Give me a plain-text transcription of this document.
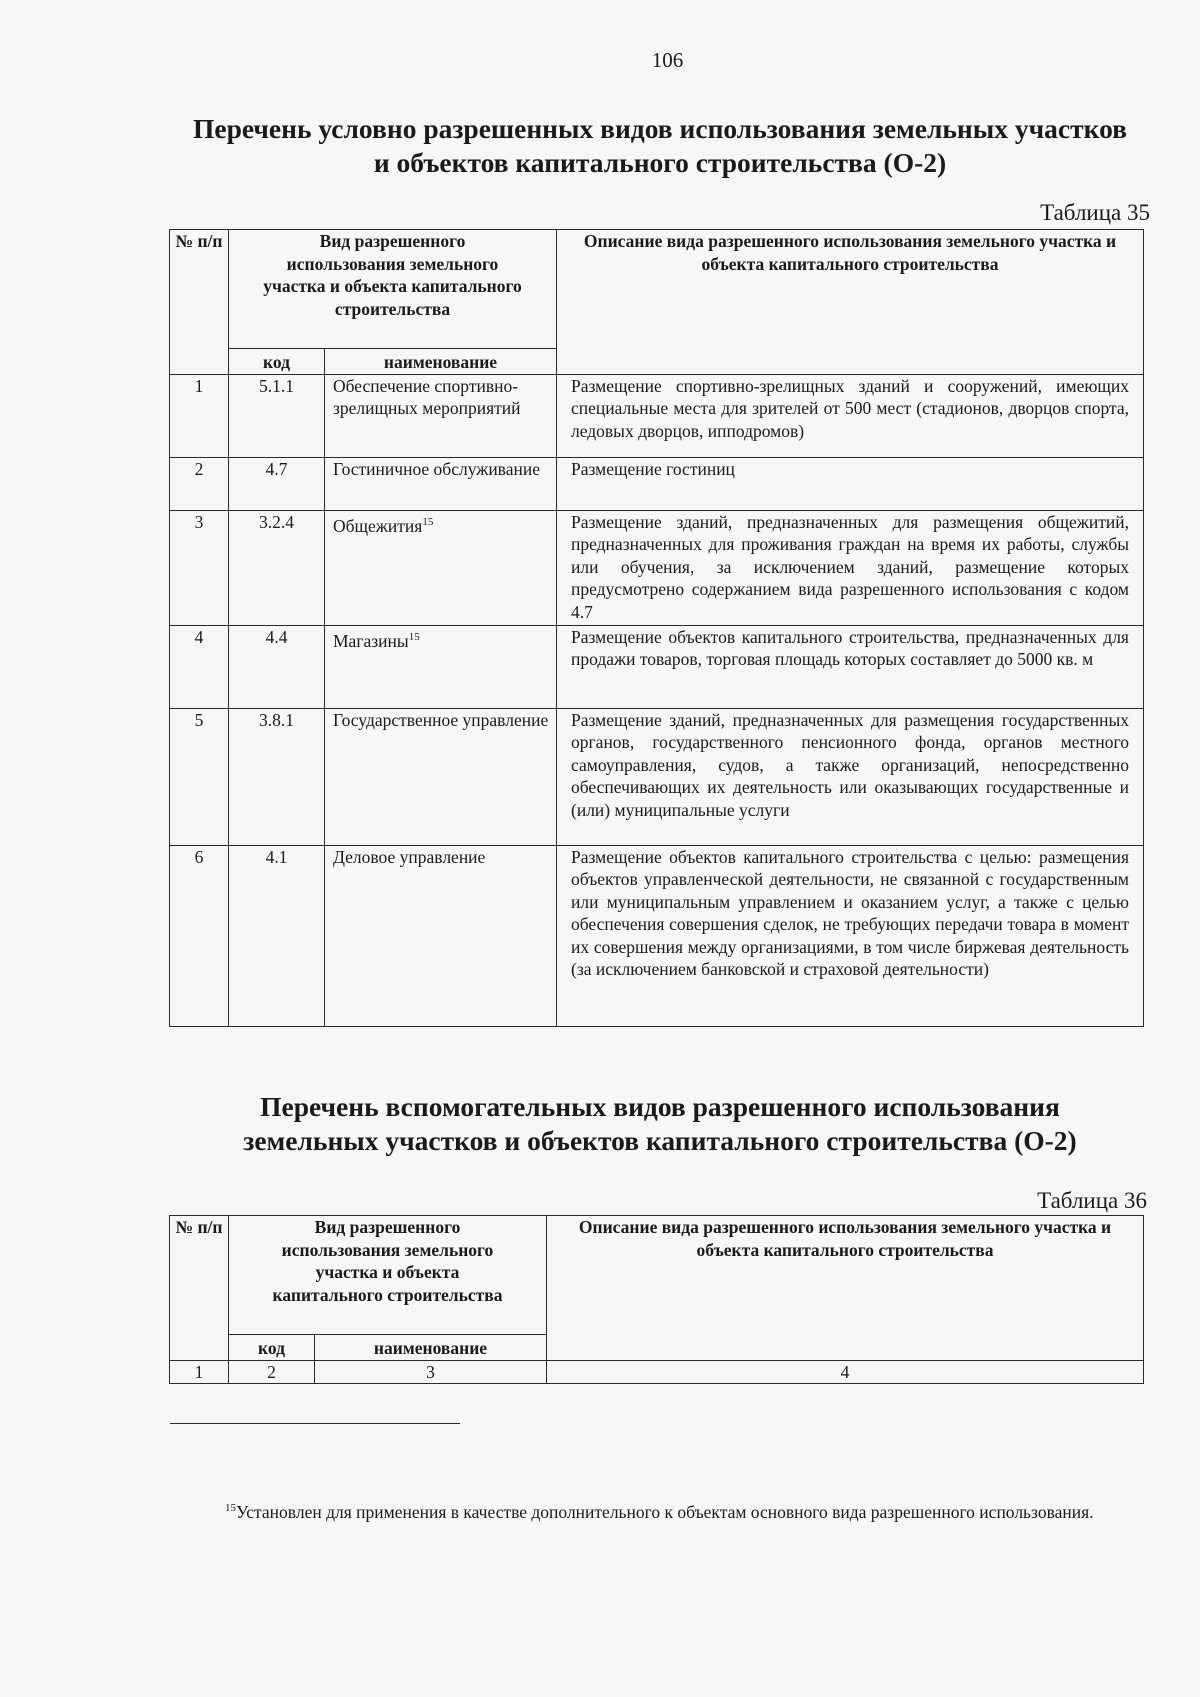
106
Перечень условно разрешенных видов использования земельных участков
и объектов капитального строительства (О-2)
Таблица 35
№ п/п	Вид разрешенного использования земельного участка и объекта капитального строительства		Описание вида разрешенного использования земельного участка и объекта капитального строительства
	код	наименование	
1	5.1.1	Обеспечение спортивно-зрелищных мероприятий	Размещение спортивно-зрелищных зданий и сооружений, имеющих специальные места для зрителей от 500 мест (стадионов, дворцов спорта, ледовых дворцов, ипподромов)
2	4.7	Гостиничное обслуживание	Размещение гостиниц
3	3.2.4	Общежития$^{15}$	Размещение зданий, предназначенных для размещения общежитий, предназначенных для проживания граждан на время их работы, службы или обучения, за исключением зданий, размещение которых предусмотрено содержанием вида разрешенного использования с кодом 4.7
4	4.4	Магазины$^{15}$	Размещение объектов капитального строительства, предназначенных для продажи товаров, торговая площадь которых составляет до 5000 кв. м
5	3.8.1	Государственное управление	Размещение зданий, предназначенных для размещения государственных органов, государственного пенсионного фонда, органов местного самоуправления, судов, а также организаций, непосредственно обеспечивающих их деятельность или оказывающих государственные и (или) муниципальные услуги
6	4.1	Деловое управление	Размещение объектов капитального строительства с целью: размещения объектов управленческой деятельности, не связанной с государственным или муниципальным управлением и оказанием услуг, а также с целью обеспечения совершения сделок, не требующих передачи товара в момент их совершения между организациями, в том числе биржевая деятельность (за исключением банковской и страховой деятельности)
Перечень вспомогательных видов разрешенного использования
земельных участков и объектов капитального строительства (О-2)
Таблица 36
№ п/п	Вид разрешенного использования земельного участка и объекта капитального строительства		Описание вида разрешенного использования земельного участка и объекта капитального строительства
	код	наименование	
1	2	3	4
$^{15}$Установлен для применения в качестве дополнительного к объектам основного вида разрешенного использования.
